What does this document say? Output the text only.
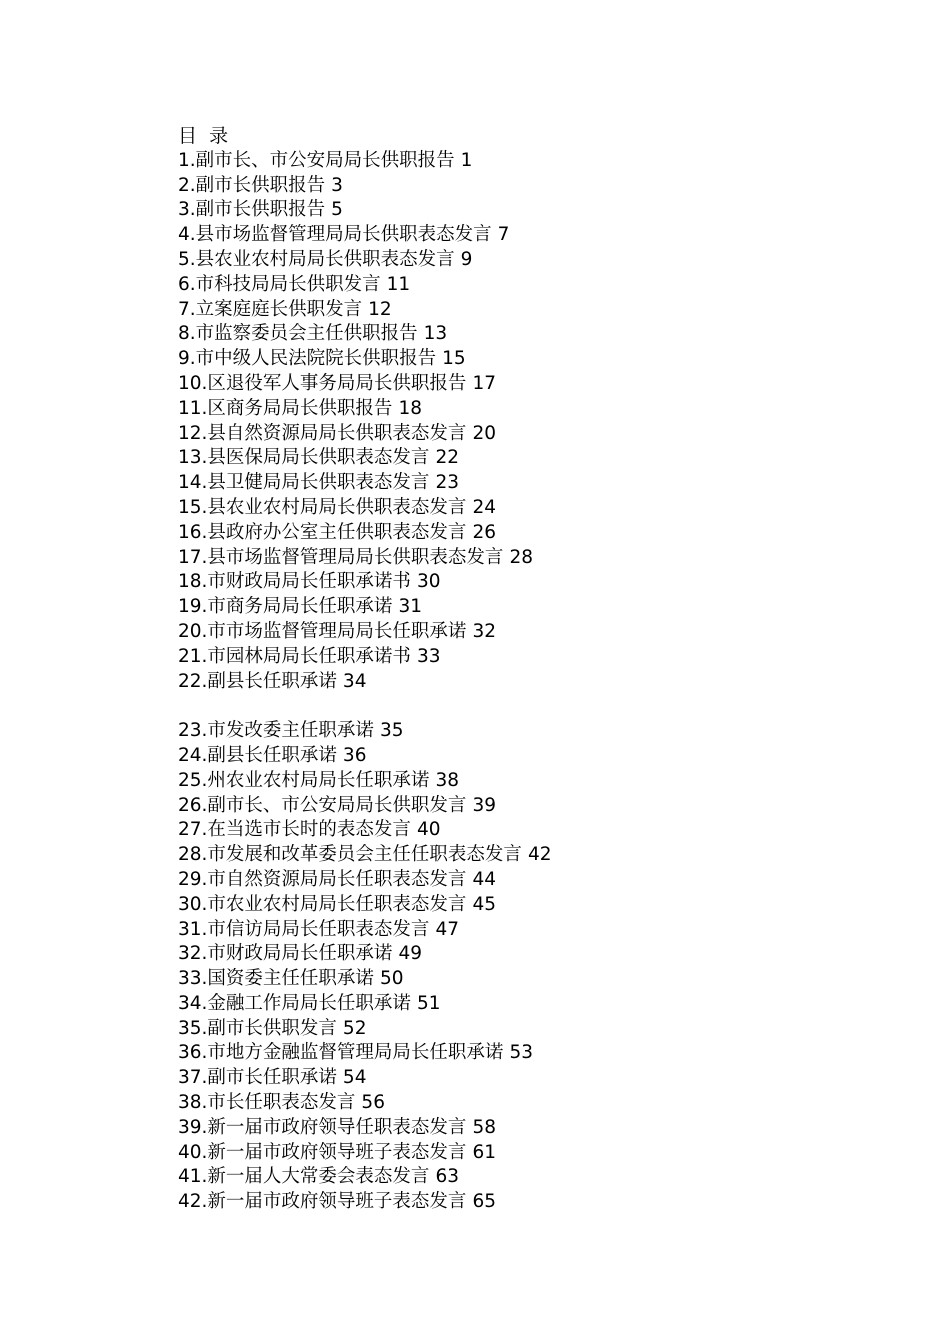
目  录
1.副市长、市公安局局长供职报告 1
2.副市长供职报告 3
3.副市长供职报告 5
4.县市场监督管理局局长供职表态发言 7
5.县农业农村局局长供职表态发言 9
6.市科技局局长供职发言 11
7.立案庭庭长供职发言 12
8.市监察委员会主任供职报告 13
9.市中级人民法院院长供职报告 15
10.区退役军人事务局局长供职报告 17
11.区商务局局长供职报告 18
12.县自然资源局局长供职表态发言 20
13.县医保局局长供职表态发言 22
14.县卫健局局长供职表态发言 23
15.县农业农村局局长供职表态发言 24
16.县政府办公室主任供职表态发言 26
17.县市场监督管理局局长供职表态发言 28
18.市财政局局长任职承诺书 30
19.市商务局局长任职承诺 31
20.市市场监督管理局局长任职承诺 32
21.市园林局局长任职承诺书 33
22.副县长任职承诺 34
23.市发改委主任职承诺 35
24.副县长任职承诺 36
25.州农业农村局局长任职承诺 38
26.副市长、市公安局局长供职发言 39
27.在当选市长时的表态发言 40
28.市发展和改革委员会主任任职表态发言 42
29.市自然资源局局长任职表态发言 44
30.市农业农村局局长任职表态发言 45
31.市信访局局长任职表态发言 47
32.市财政局局长任职承诺 49
33.国资委主任任职承诺 50
34.金融工作局局长任职承诺 51
35.副市长供职发言 52
36.市地方金融监督管理局局长任职承诺 53
37.副市长任职承诺 54
38.市长任职表态发言 56
39.新一届市政府领导任职表态发言 58
40.新一届市政府领导班子表态发言 61
41.新一届人大常委会表态发言 63
42.新一届市政府领导班子表态发言 65
